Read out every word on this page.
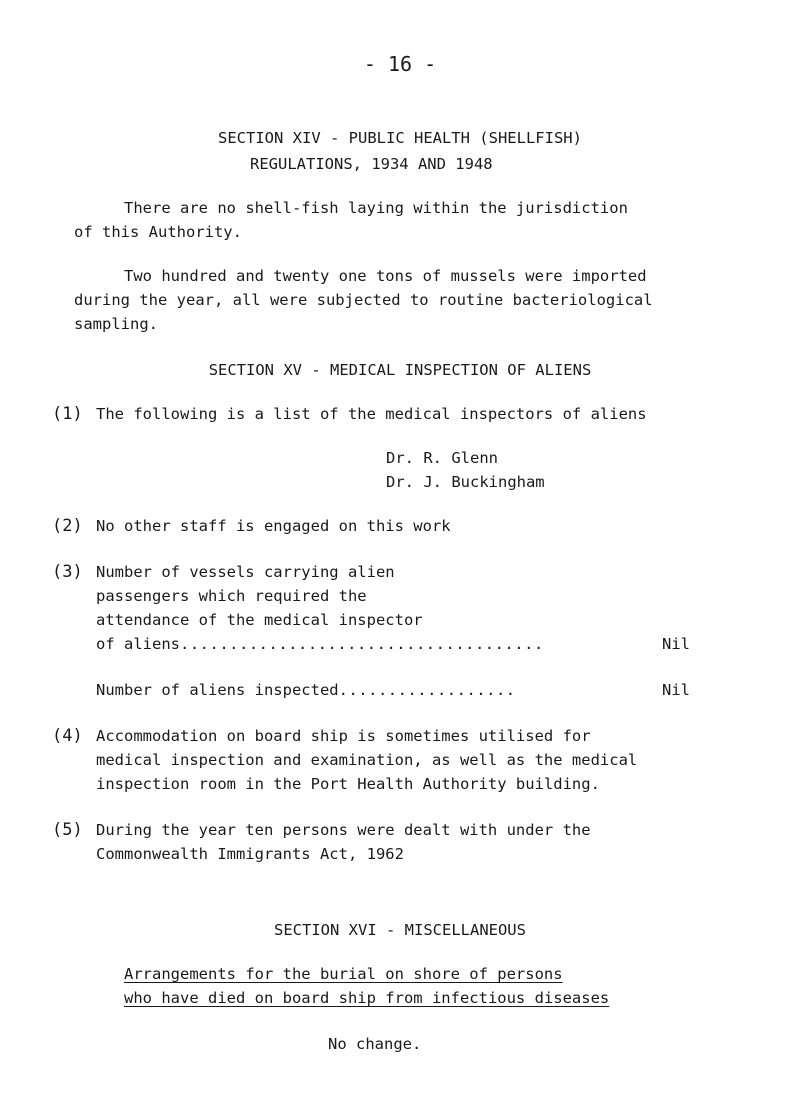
- 16 -
SECTION XIV - PUBLIC HEALTH (SHELLFISH)
REGULATIONS, 1934 AND 1948
There are no shell-fish laying within the jurisdiction
of this Authority.
Two hundred and twenty one tons of mussels were imported
during the year, all were subjected to routine bacteriological
sampling.
SECTION XV - MEDICAL INSPECTION OF ALIENS
(1) The following is a list of the medical inspectors of aliens
Dr. R. Glenn
Dr. J. Buckingham
(2) No other staff is engaged on this work
(3) Number of vessels carrying alien
passengers which required the
attendance of the medical inspector
of aliens.....................................	Nil
Number of aliens inspected..................	Nil
(4) Accommodation on board ship is sometimes utilised for
medical inspection and examination, as well as the medical
inspection room in the Port Health Authority building.
(5) During the year ten persons were dealt with under the
Commonwealth Immigrants Act, 1962
SECTION XVI - MISCELLANEOUS
Arrangements for the burial on shore of persons
who have died on board ship from infectious diseases
No change.
